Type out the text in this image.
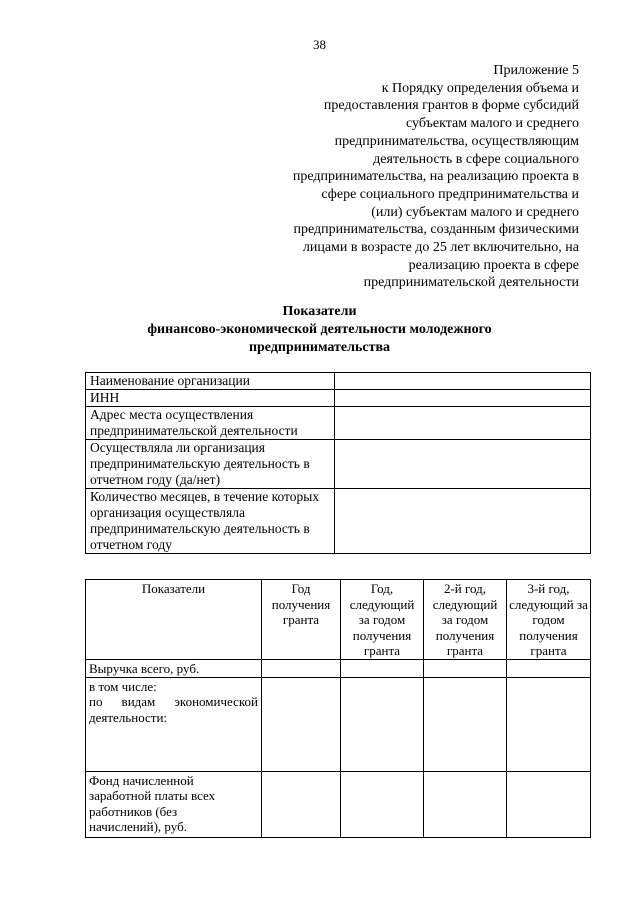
38
Приложение 5
к Порядку определения объема и
предоставления грантов в форме субсидий
субъектам малого и среднего
предпринимательства, осуществляющим
деятельность в сфере социального
предпринимательства, на реализацию проекта в
сфере социального предпринимательства и
(или) субъектам малого и среднего
предпринимательства, созданным физическими
лицами в возрасте до 25 лет включительно, на
реализацию проекта в сфере
предпринимательской деятельности
Показатели
финансово-экономической деятельности молодежного
предпринимательства
Наименование организации	
ИНН	
Адрес места осуществления предпринимательской деятельности	
Осуществляла ли организация предпринимательскую деятельность в отчетном году (да/нет)	
Количество месяцев, в течение которых организация осуществляла предпринимательскую деятельность в отчетном году	
Показатели	Год получения гранта	Год, следующий за годом получения гранта	2-й год, следующий за годом получения гранта	3-й год, следующий за годом получения гранта
Выручка всего, руб.				
в том числе:
по видам экономической деятельности:				
Фонд начисленной заработной платы всех работников (без начислений), руб.				
